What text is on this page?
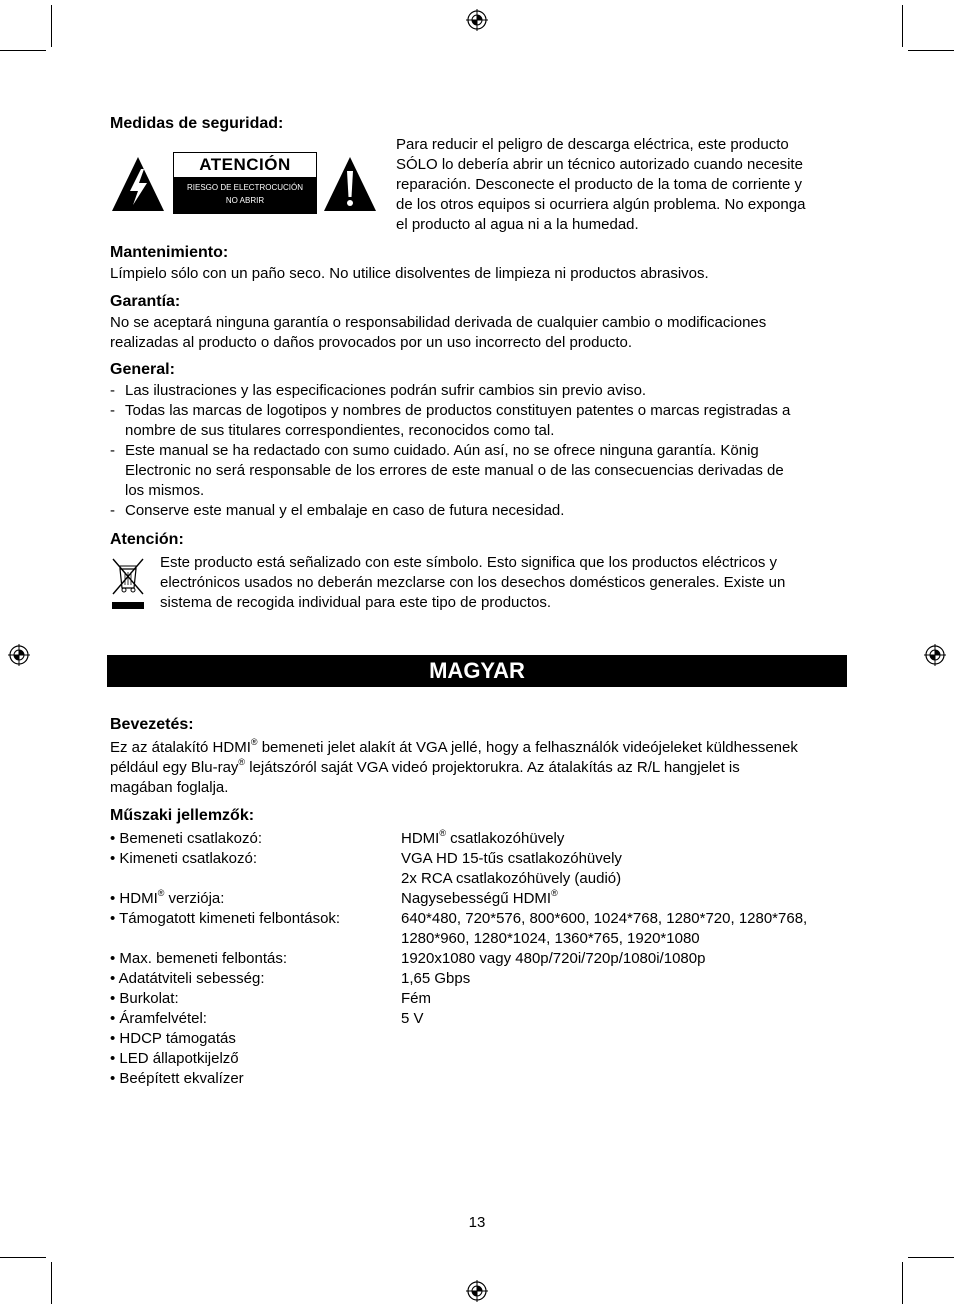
Medidas de seguridad:
ATENCIÓN
RIESGO DE ELECTROCUCIÓN
NO ABRIR
Para reducir el peligro de descarga eléctrica, este producto
SÓLO lo debería abrir un técnico autorizado cuando necesite
reparación. Desconecte el producto de la toma de corriente y
de los otros equipos si ocurriera algún problema. No exponga
el producto al agua ni a la humedad.
Mantenimiento:
Límpielo sólo con un paño seco. No utilice disolventes de limpieza ni productos abrasivos.
Garantía:
No se aceptará ninguna garantía o responsabilidad derivada de cualquier cambio o modificaciones
realizadas al producto o daños provocados por un uso incorrecto del producto.
General:
- Las ilustraciones y las especificaciones podrán sufrir cambios sin previo aviso.
- Todas las marcas de logotipos y nombres de productos constituyen patentes o marcas registradas a
nombre de sus titulares correspondientes, reconocidos como tal.
- Este manual se ha redactado con sumo cuidado. Aún así, no se ofrece ninguna garantía. König
Electronic no será responsable de los errores de este manual o de las consecuencias derivadas de
los mismos.
- Conserve este manual y el embalaje en caso de futura necesidad.
Atención:
Este producto está señalizado con este símbolo. Esto significa que los productos eléctricos y
electrónicos usados no deberán mezclarse con los desechos domésticos generales. Existe un
sistema de recogida individual para este tipo de productos.
MAGYAR
Bevezetés:
Ez az átalakító HDMI® bemeneti jelet alakít át VGA jellé, hogy a felhasználók videójeleket küldhessenek
például egy Blu-ray® lejátszóról saját VGA videó projektorukra. Az átalakítás az R/L hangjelet is
magában foglalja.
Műszaki jellemzők:
• Bemeneti csatlakozó:	HDMI® csatlakozóhüvely
• Kimeneti csatlakozó:	VGA HD 15-tűs csatlakozóhüvely
2x RCA csatlakozóhüvely (audió)
• HDMI® verziója:	Nagysebességű HDMI®
• Támogatott kimeneti felbontások:	640*480, 720*576, 800*600, 1024*768, 1280*720, 1280*768,
1280*960, 1280*1024, 1360*765, 1920*1080
• Max. bemeneti felbontás:	1920x1080 vagy 480p/720i/720p/1080i/1080p
• Adatátviteli sebesség:	1,65 Gbps
• Burkolat:	Fém
• Áramfelvétel:	5 V
• HDCP támogatás
• LED állapotkijelző
• Beépített ekvalízer
13
